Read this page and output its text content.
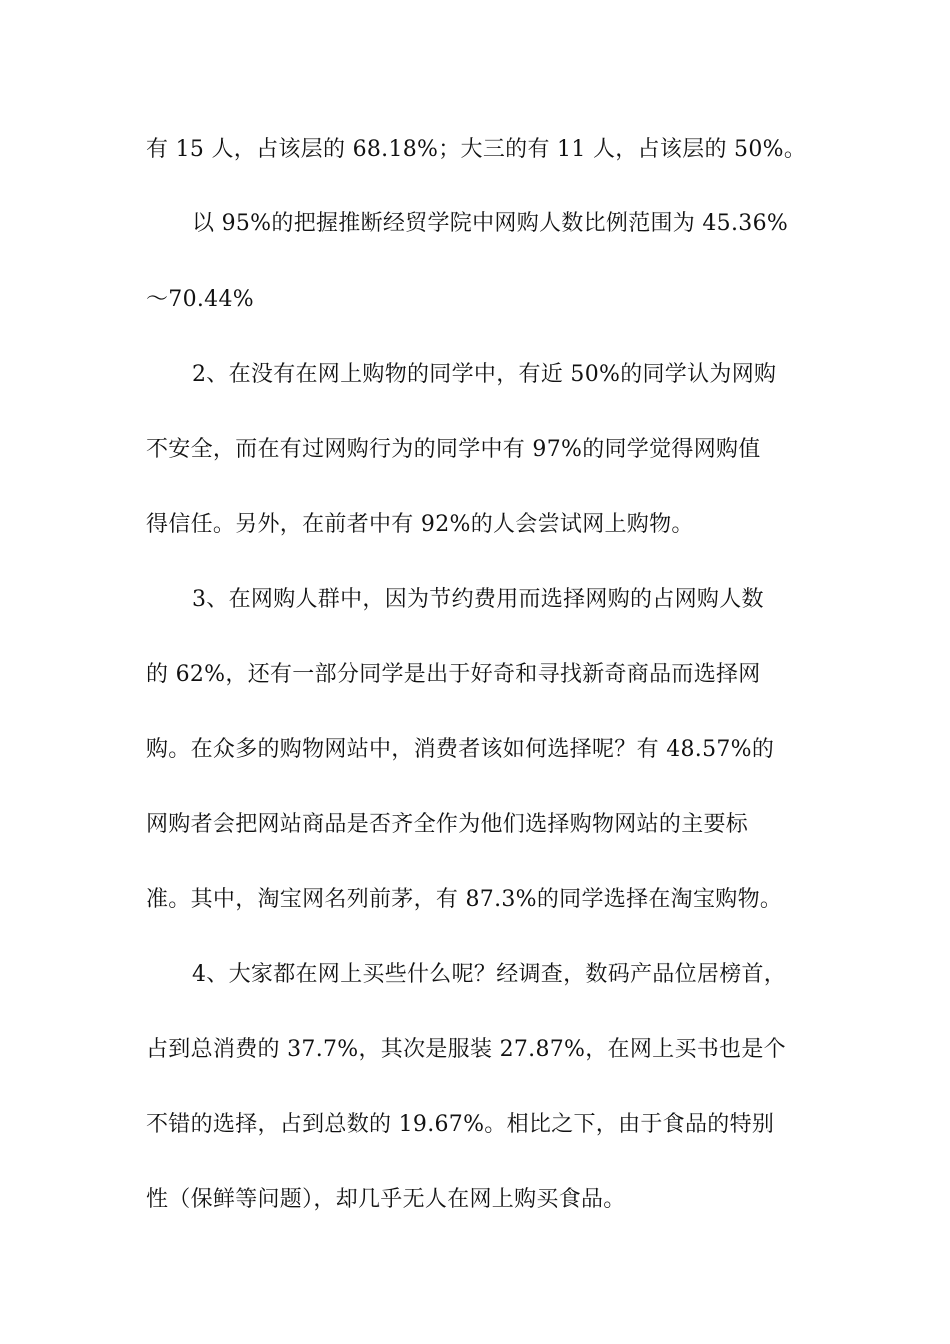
有 15 人，占该层的 68.18%；大三的有 11 人，占该层的 50%。
以 95%的把握推断经贸学院中网购人数比例范围为 45.36%
～70.44%
2、在没有在网上购物的同学中，有近 50%的同学认为网购
不安全，而在有过网购行为的同学中有 97%的同学觉得网购值
得信任。另外，在前者中有 92%的人会尝试网上购物。
3、在网购人群中，因为节约费用而选择网购的占网购人数
的 62%，还有一部分同学是出于好奇和寻找新奇商品而选择网
购。在众多的购物网站中，消费者该如何选择呢？有 48.57%的
网购者会把网站商品是否齐全作为他们选择购物网站的主要标
准。其中，淘宝网名列前茅，有 87.3%的同学选择在淘宝购物。
4、大家都在网上买些什么呢？经调查，数码产品位居榜首，
占到总消费的 37.7%，其次是服装 27.87%，在网上买书也是个
不错的选择，占到总数的 19.67%。相比之下，由于食品的特别
性（保鲜等问题），却几乎无人在网上购买食品。
